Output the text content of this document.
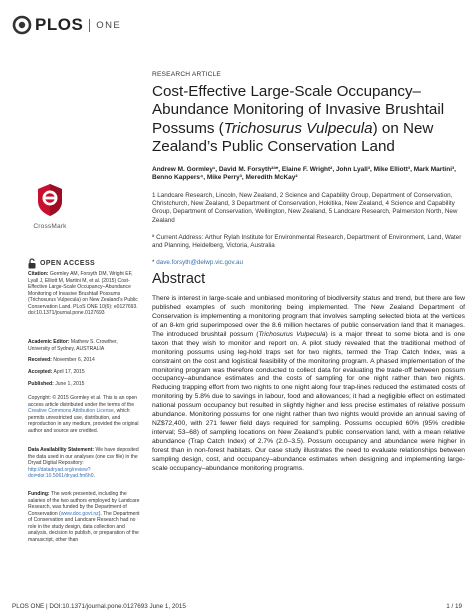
PLOS ONE
RESEARCH ARTICLE
Cost-Effective Large-Scale Occupancy–Abundance Monitoring of Invasive Brushtail Possums (Trichosurus Vulpecula) on New Zealand’s Public Conservation Land
Andrew M. Gormley¹, David M. Forsyth²ª*, Elaine F. Wright², John Lyall³, Mike Elliott³, Mark Martini³, Benno Kappers⁴, Mike Perry³, Meredith McKay²
1 Landcare Research, Lincoln, New Zealand, 2 Science and Capability Group, Department of Conservation, Christchurch, New Zealand, 3 Department of Conservation, Hokitika, New Zealand, 4 Science and Capability Group, Department of Conservation, Wellington, New Zealand, 5 Landcare Research, Palmerston North, New Zealand
ª Current Address: Arthur Rylah Institute for Environmental Research, Department of Environment, Land, Water and Planning, Heidelberg, Victoria, Australia
* dave.forsyth@delwp.vic.gov.au
CrossMark
OPEN ACCESS
Citation: Gormley AM, Forsyth DM, Wright EF, Lyall J, Elliott M, Martini M, et al. (2015) Cost-Effective Large-Scale Occupancy–Abundance Monitoring of Invasive Brushtail Possums (Trichosurus Vulpecula) on New Zealand’s Public Conservation Land. PLoS ONE 10(6): e0127693. doi:10.1371/journal.pone.0127693
Academic Editor: Mathew S. Crowther, University of Sydney, AUSTRALIA
Received: November 6, 2014
Accepted: April 17, 2015
Published: June 1, 2015
Copyright: © 2015 Gormley et al. This is an open access article distributed under the terms of the Creative Commons Attribution License, which permits unrestricted use, distribution, and reproduction in any medium, provided the original author and source are credited.
Data Availability Statement: We have deposited the data used in our analyses (one csv file) in the Dryad Digital Repository: http://datadryad.org/review?doi=doi:10.5061/dryad.fm6h0.
Funding: The work presented, including the salaries of the two authors employed by Landcare Research, was funded by the Department of Conservation (www.doc.govt.nz). The Department of Conservation and Landcare Research had no role in the study design, data collection and analysis, decision to publish, or preparation of the manuscript, other than
Abstract
There is interest in large-scale and unbiased monitoring of biodiversity status and trend, but there are few published examples of such monitoring being implemented. The New Zealand Department of Conservation is implementing a monitoring program that involves sampling selected biota at the vertices of an 8-km grid superimposed over the 8.6 million hectares of public conservation land that it manages. The introduced brushtail possum (Trichosurus Vulpecula) is a major threat to some biota and is one taxon that they wish to monitor and report on. A pilot study revealed that the traditional method of monitoring possums using leg-hold traps set for two nights, termed the Trap Catch Index, was a constraint on the cost and logistical feasibility of the monitoring program. A phased implementation of the monitoring program was therefore conducted to collect data for evaluating the trade-off between possum occupancy–abundance estimates and the costs of sampling for one night rather than two nights. Reducing trapping effort from two nights to one night along four trap-lines reduced the estimated costs of monitoring by 5.8% due to savings in labour, food and allowances; it had a negligible effect on estimated national possum occupancy but resulted in slightly higher and less precise estimates of relative possum abundance. Monitoring possums for one night rather than two nights would provide an annual saving of NZ$72,400, with 271 fewer field days required for sampling. Possums occupied 60% (95% credible interval; 53–68) of sampling locations on New Zealand’s public conservation land, with a mean relative abundance (Trap Catch Index) of 2.7% (2.0–3.5). Possum occupancy and abundance were higher in forest than in non-forest habitats. Our case study illustrates the need to evaluate relationships between sampling design, cost, and occupancy–abundance estimates when designing and implementing large-scale occupancy–abundance monitoring programs.
PLOS ONE | DOI:10.1371/journal.pone.0127693 June 1, 2015	1 / 19
